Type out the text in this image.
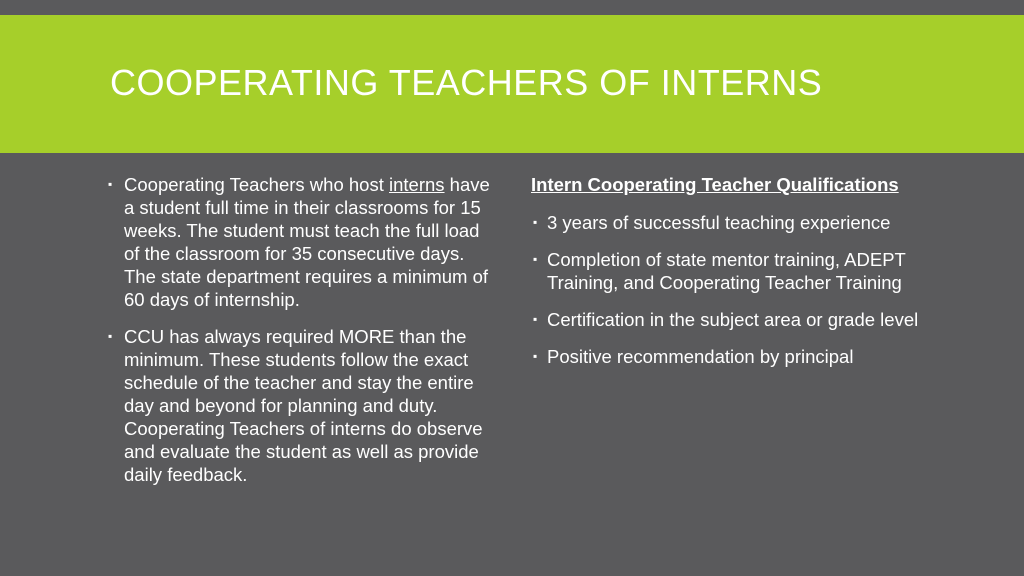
COOPERATING TEACHERS OF INTERNS
▪ Cooperating Teachers who host interns have a student full time in their classrooms for 15 weeks. The student must teach the full load of the classroom for 35 consecutive days. The state department requires a minimum of 60 days of internship.
▪ CCU has always required MORE than the minimum. These students follow the exact schedule of the teacher and stay the entire day and beyond for planning and duty. Cooperating Teachers of interns do observe and evaluate the student as well as provide daily feedback.
Intern Cooperating Teacher Qualifications
▪ 3 years of successful teaching experience
▪ Completion of state mentor training, ADEPT Training, and Cooperating Teacher Training
▪ Certification in the subject area or grade level
▪ Positive recommendation by principal
